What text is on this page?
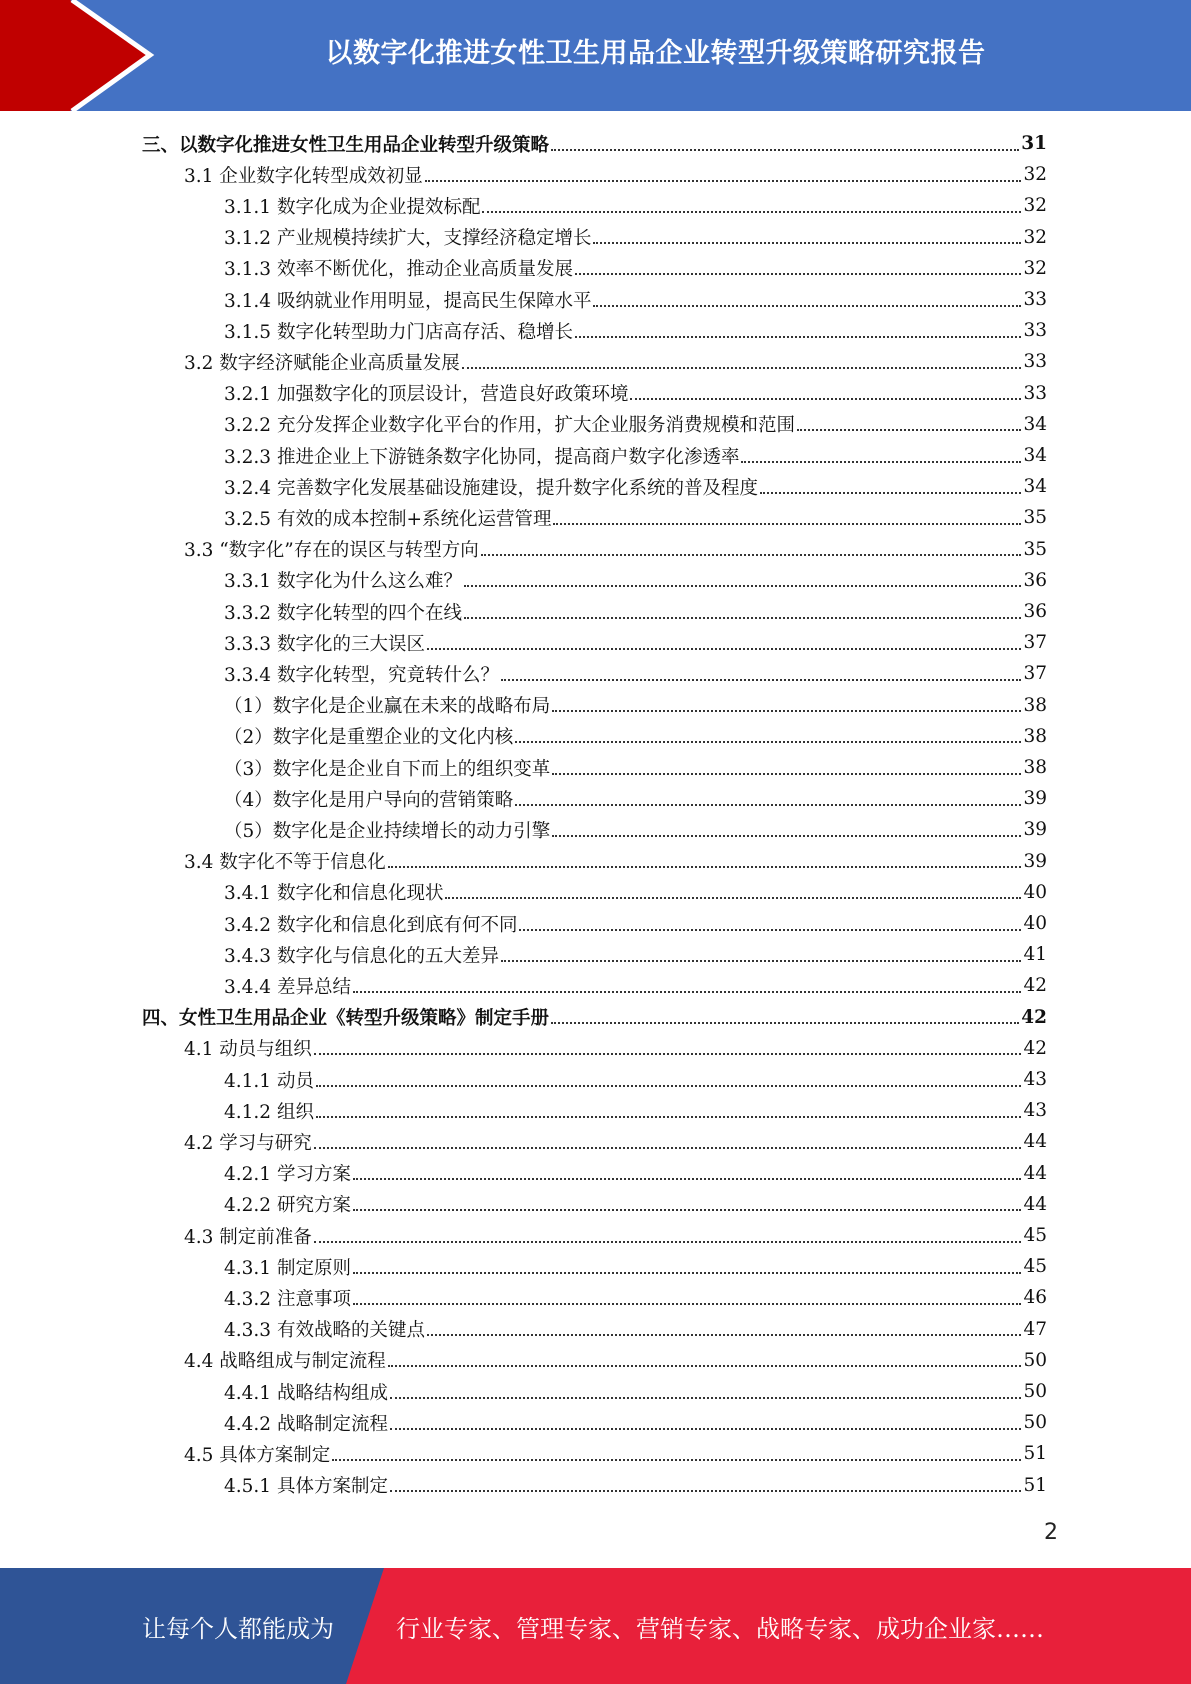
以数字化推进女性卫生用品企业转型升级策略研究报告
三、以数字化推进女性卫生用品企业转型升级策略	31
3.1 企业数字化转型成效初显	32
3.1.1 数字化成为企业提效标配	32
3.1.2 产业规模持续扩大，支撑经济稳定增长	32
3.1.3 效率不断优化，推动企业高质量发展	32
3.1.4 吸纳就业作用明显，提高民生保障水平	33
3.1.5 数字化转型助力门店高存活、稳增长	33
3.2 数字经济赋能企业高质量发展	33
3.2.1 加强数字化的顶层设计，营造良好政策环境	33
3.2.2 充分发挥企业数字化平台的作用，扩大企业服务消费规模和范围	34
3.2.3 推进企业上下游链条数字化协同，提高商户数字化渗透率	34
3.2.4 完善数字化发展基础设施建设，提升数字化系统的普及程度	34
3.2.5 有效的成本控制+系统化运营管理	35
3.3 “数字化”存在的误区与转型方向	35
3.3.1 数字化为什么这么难？	36
3.3.2 数字化转型的四个在线	36
3.3.3 数字化的三大误区	37
3.3.4 数字化转型，究竟转什么？	37
（1）数字化是企业赢在未来的战略布局	38
（2）数字化是重塑企业的文化内核	38
（3）数字化是企业自下而上的组织变革	38
（4）数字化是用户导向的营销策略	39
（5）数字化是企业持续增长的动力引擎	39
3.4 数字化不等于信息化	39
3.4.1 数字化和信息化现状	40
3.4.2 数字化和信息化到底有何不同	40
3.4.3 数字化与信息化的五大差异	41
3.4.4 差异总结	42
四、女性卫生用品企业《转型升级策略》制定手册	42
4.1 动员与组织	42
4.1.1 动员	43
4.1.2 组织	43
4.2 学习与研究	44
4.2.1 学习方案	44
4.2.2 研究方案	44
4.3 制定前准备	45
4.3.1 制定原则	45
4.3.2 注意事项	46
4.3.3 有效战略的关键点	47
4.4 战略组成与制定流程	50
4.4.1 战略结构组成	50
4.4.2 战略制定流程	50
4.5 具体方案制定	51
4.5.1 具体方案制定	51
2
让每个人都能成为	行业专家、管理专家、营销专家、战略专家、成功企业家……
